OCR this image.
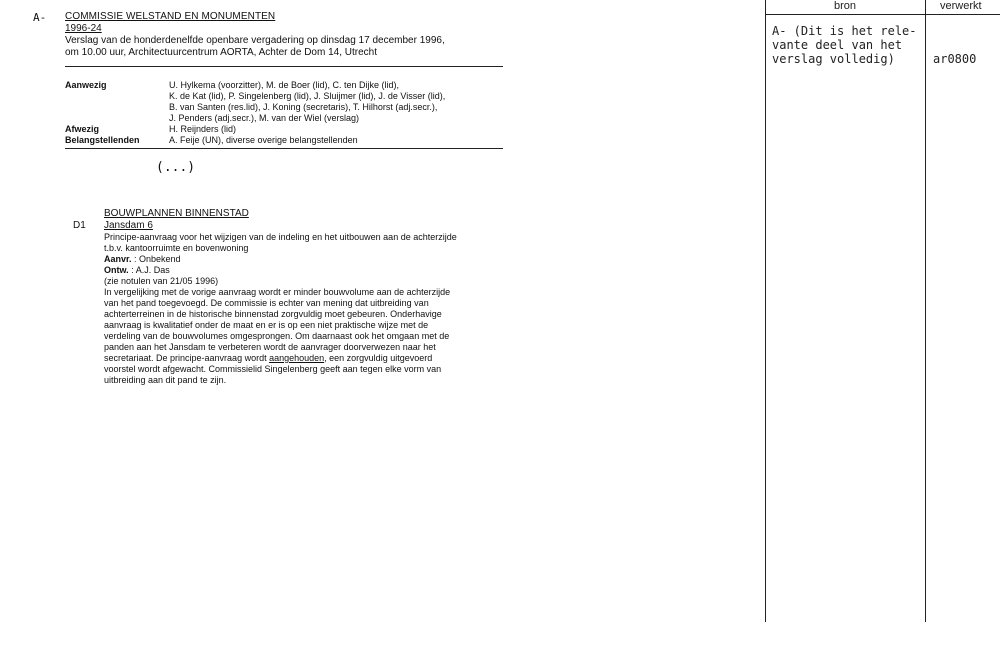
A- COMMISSIE WELSTAND EN MONUMENTEN
1996-24
Verslag van de honderdenelfde openbare vergadering op dinsdag 17 december 1996,
om 10.00 uur, Architectuurcentrum AORTA, Achter de Dom 14, Utrecht
Aanwezig	U. Hylkema (voorzitter), M. de Boer (lid), C. ten Dijke (lid),
K. de Kat (lid), P. Singelenberg (lid), J. Sluijmer (lid), J. de Visser (lid),
B. van Santen (res.lid), J. Koning (secretaris), T. Hilhorst (adj.secr.),
J. Penders (adj.secr.), M. van der Wiel (verslag)
Afwezig	H. Reijnders (lid)
Belangstellenden	A. Feije (UN), diverse overige belangstellenden
(...)
BOUWPLANNEN BINNENSTAD
D1 Jansdam 6
Principe-aanvraag voor het wijzigen van de indeling en het uitbouwen aan de achterzijde
t.b.v. kantoorruimte en bovenwoning
Aanvr. : Onbekend
Ontw. : A.J. Das
(zie notulen van 21/05 1996)
In vergelijking met de vorige aanvraag wordt er minder bouwvolume aan de achterzijde
van het pand toegevoegd. De commissie is echter van mening dat uitbreiding van
achterterreinen in de historische binnenstad zorgvuldig moet gebeuren. Onderhavige
aanvraag is kwalitatief onder de maat en er is op een niet praktische wijze met de
verdeling van de bouwvolumes omgesprongen. Om daarnaast ook het omgaan met de
panden aan het Jansdam te verbeteren wordt de aanvrager doorverwezen naar het
secretariaat. De principe-aanvraag wordt aangehouden, een zorgvuldig uitgevoerd
voorstel wordt afgewacht. Commissielid Singelenberg geeft aan tegen elke vorm van
uitbreiding aan dit pand te zijn.
bron	verwerkt
A- (Dit is het rele-
vante deel van het
verslag volledig)	ar0800
